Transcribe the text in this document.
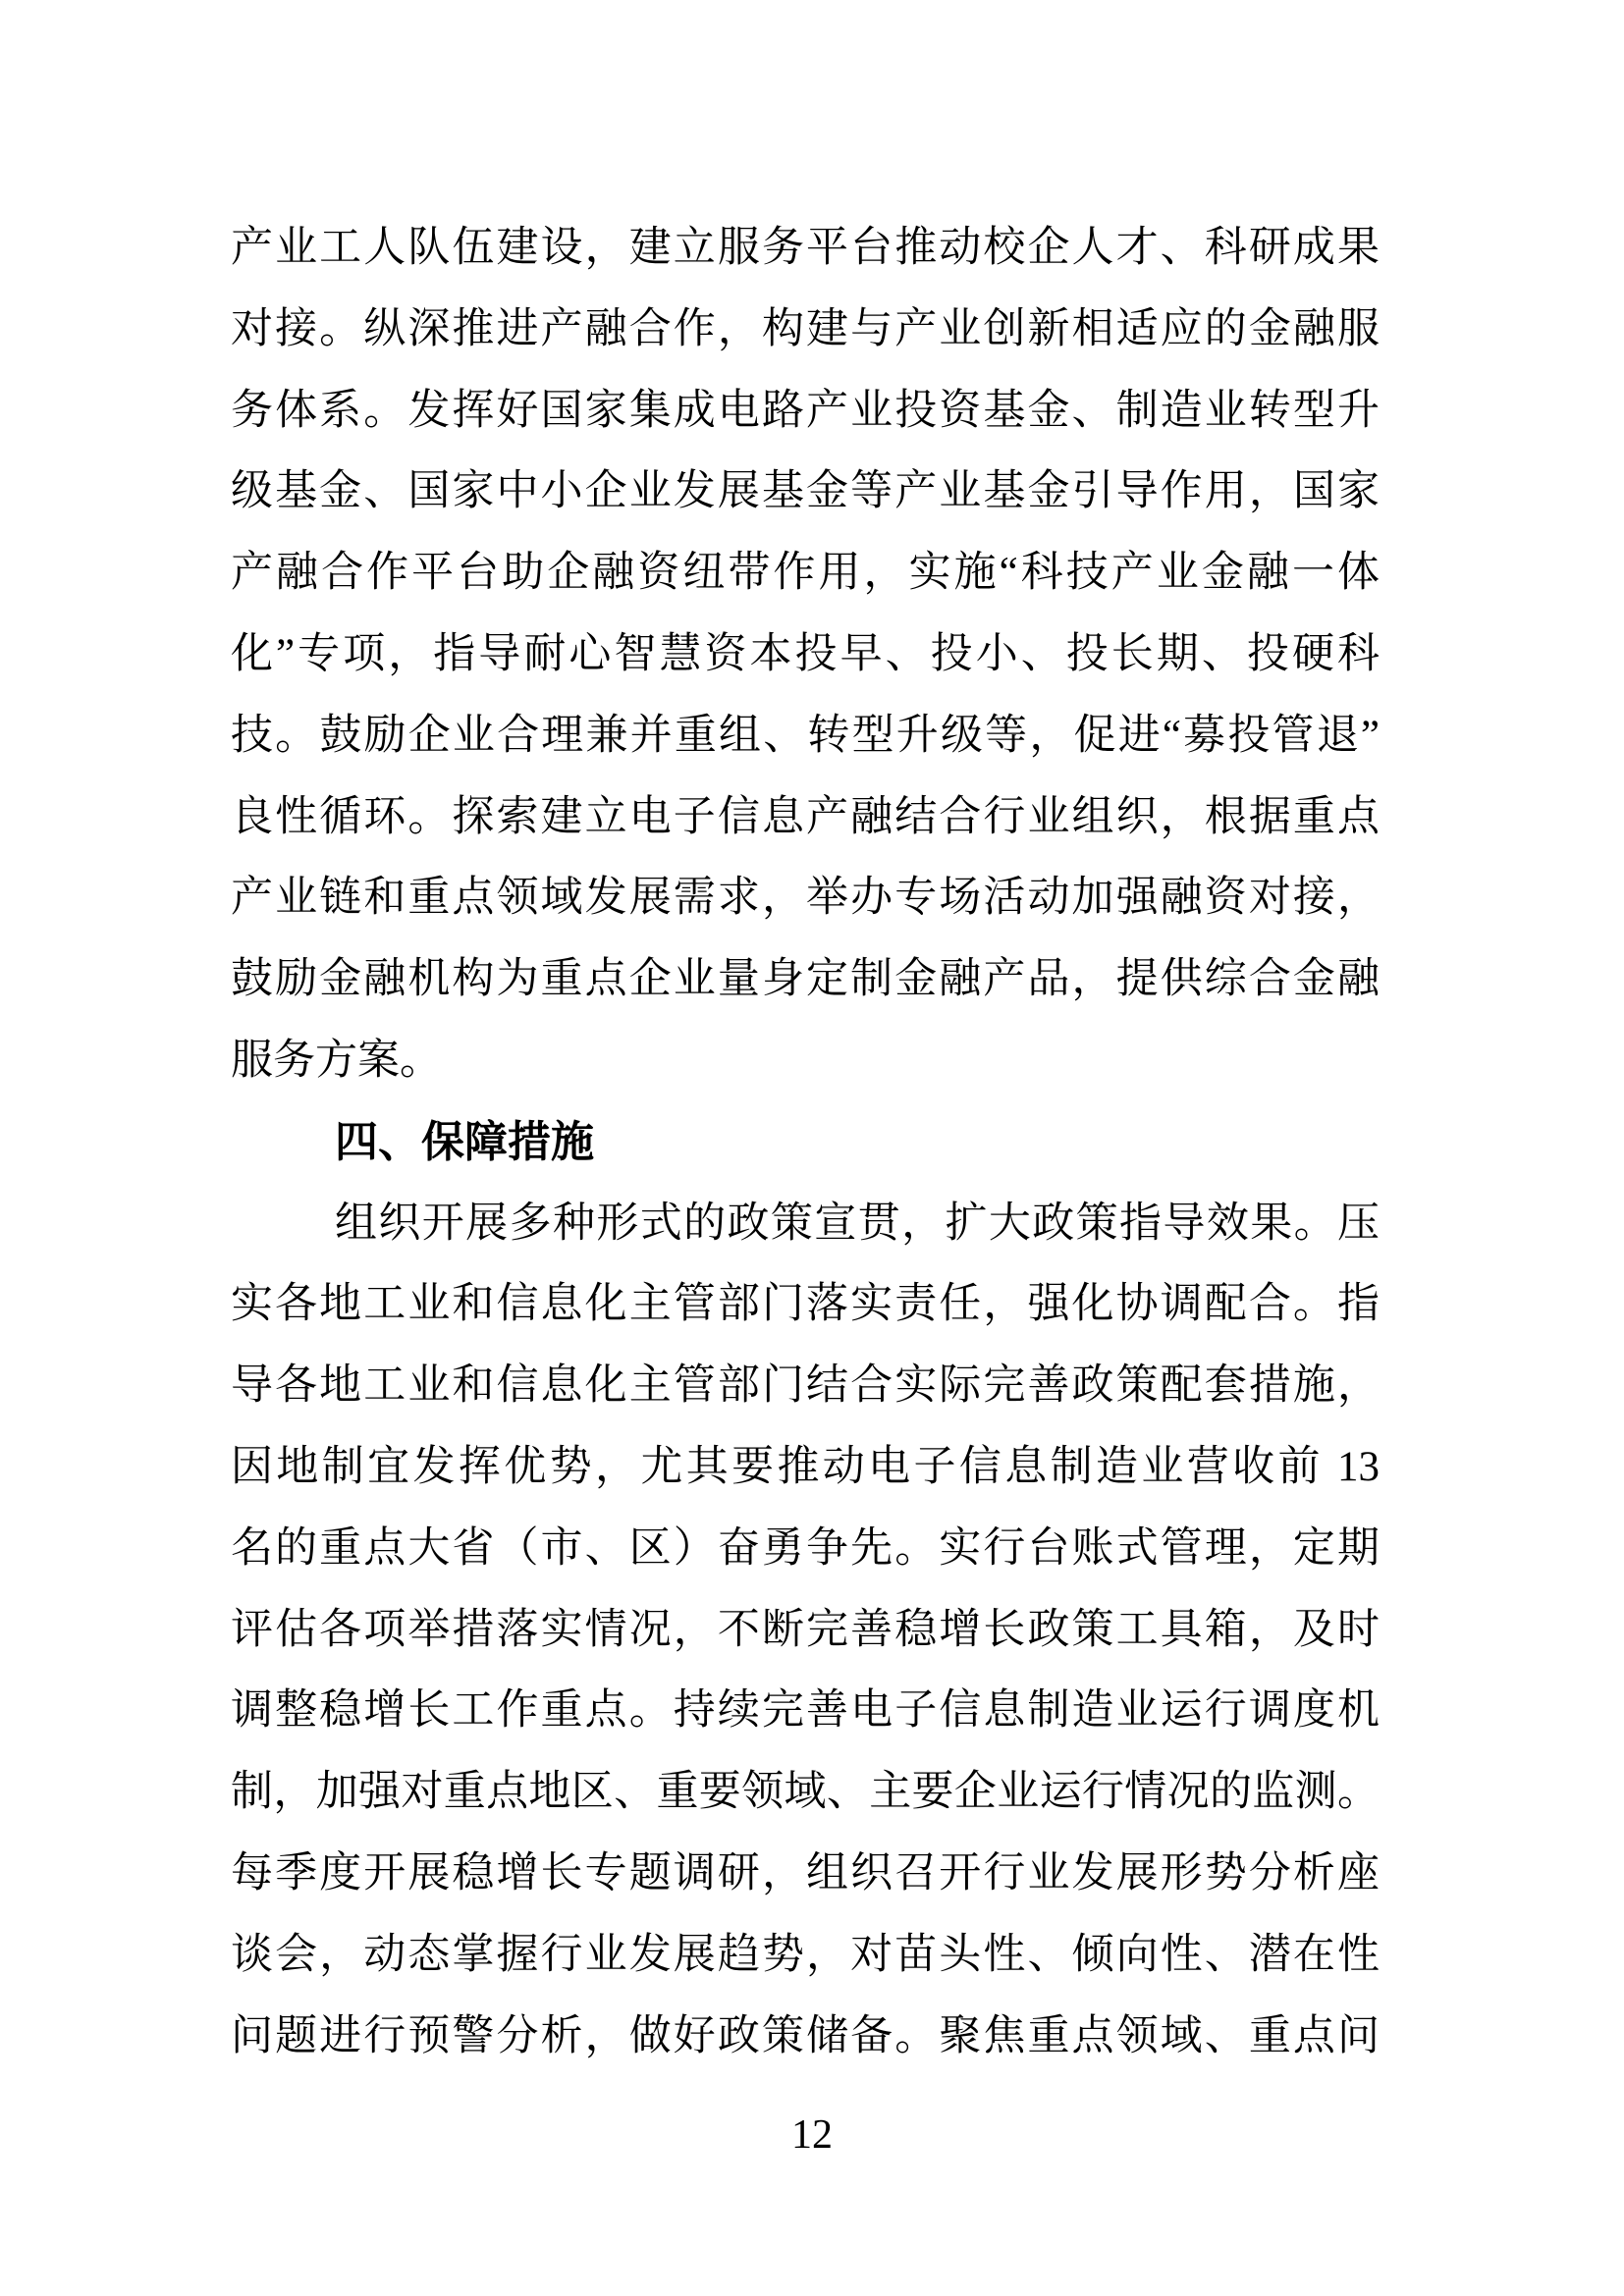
产业工人队伍建设，建立服务平台推动校企人才、科研成果
对接。纵深推进产融合作，构建与产业创新相适应的金融服
务体系。发挥好国家集成电路产业投资基金、制造业转型升
级基金、国家中小企业发展基金等产业基金引导作用，国家
产融合作平台助企融资纽带作用，实施“科技产业金融一体
化”专项，指导耐心智慧资本投早、投小、投长期、投硬科
技。鼓励企业合理兼并重组、转型升级等，促进“募投管退”
良性循环。探索建立电子信息产融结合行业组织，根据重点
产业链和重点领域发展需求，举办专场活动加强融资对接，
鼓励金融机构为重点企业量身定制金融产品，提供综合金融
服务方案。
四、保障措施
组织开展多种形式的政策宣贯，扩大政策指导效果。压
实各地工业和信息化主管部门落实责任，强化协调配合。指
导各地工业和信息化主管部门结合实际完善政策配套措施，
因地制宜发挥优势，尤其要推动电子信息制造业营收前 13
名的重点大省（市、区）奋勇争先。实行台账式管理，定期
评估各项举措落实情况，不断完善稳增长政策工具箱，及时
调整稳增长工作重点。持续完善电子信息制造业运行调度机
制，加强对重点地区、重要领域、主要企业运行情况的监测。
每季度开展稳增长专题调研，组织召开行业发展形势分析座
谈会，动态掌握行业发展趋势，对苗头性、倾向性、潜在性
问题进行预警分析，做好政策储备。聚焦重点领域、重点问
12
